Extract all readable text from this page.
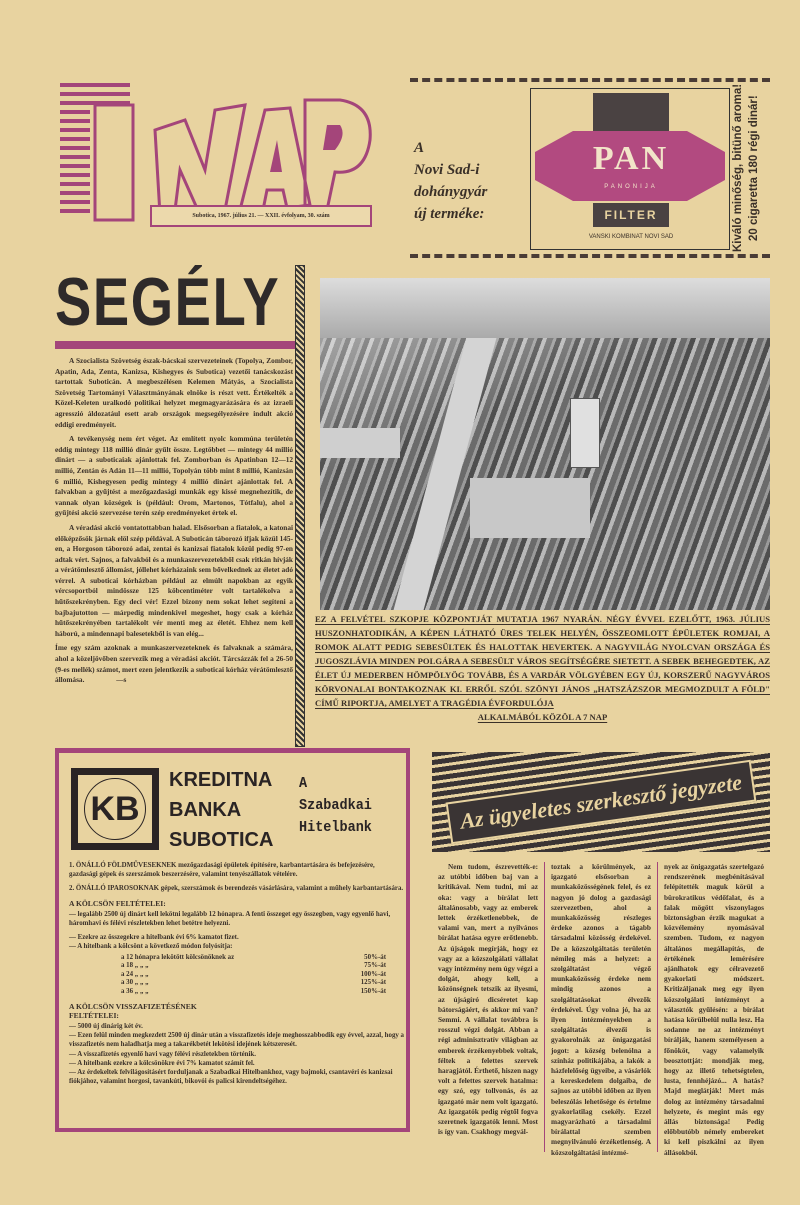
Subotica, 1967. július 21. — XXII. évfolyam, 30. szám
A
Novi Sad-i
dohánygyár
új terméke:
PAN
PANONIJA
FILTER
VANSKI KOMBINAT NOVI SAD	Kiváló minőség, bitünő aroma! 20 cigaretta 180 régi dinár!
SEGÉLY

A Szocialista Szövetség észak-bácskai szervezeteinek (Topolya, Zombor, Apatin, Ada, Zenta, Kanizsa, Kishegyes és Subotica) vezetői tanácskozást tartottak Suboticán. A megbeszélésen Kelemen Mátyás, a Szocialista Szövetség Tartományi Választmányának elnöke is részt vett. Értékelték a Közel-Keleten uralkodó politikai helyzet megmagyarázására és az izraeli agresszió áldozatául esett arab országok megsegélyezésére indult akció eddigi eredményeit.

A tevékenység nem ért véget. Az említett nyolc kommúna területén eddig mintegy 118 millió dinár gyűlt össze. Legtöbbet — mintegy 44 millió dinárt — a suboticaiak ajánlottak fel. Zomborban és Apatinban 12—12 millió, Zentán és Adán 11—11 millió, Topolyán több mint 8 millió, Kanizsán 6 millió, Kishegyesen pedig mintegy 4 millió dinárt ajánlottak fel. A falvakban a gyűjtést a mezőgazdasági munkák egy kissé megnehezítik, de vannak olyan községek is (például: Orom, Martonos, Tótfalu), ahol a gyűjtési akció szervezése terén szép eredményeket értek el.

A véradási akció vontatottabban halad. Elsősorban a fiatalok, a katonai előképzősök járnak elöl szép példával. A Suboticán táborozó ifjak közül 145-en, a Horgoson táborozó adai, zentai és kanizsai fiatalok közül pedig 97-en adtak vért. Sajnos, a falvakból és a munkaszervezetekből csak ritkán hívják a vérátömlesztő állomást, jóllehet kórházaink sem bővelkednek az életet adó vérrel. A suboticai kórházban például az elmúlt napokban az egyik vércsoportból mindössze 125 köbcentiméter volt tartalékolva a hűtőszekrényben. Egy deci vér! Ezzel bizony nem sokat lehet segíteni a bajbajutotton — márpedig mindenkivel megeshet, hogy csak a kórház hűtőszekrényében tartalékolt vér menti meg az életét. Ehhez nem kell háború, a mindennapi balesetekből is van elég...

Íme egy szám azoknak a munkaszervezeteknek és falvaknak a számára, ahol a közeljövőben szervezik meg a véradási akciót. Tárcsázzák fel a 26-50 (9-es mellék) számot, mert ezen jelentkezik a suboticai kórház vérátömlesztő állomása.	—s
EZ A FELVÉTEL SZKOPJE KÖZPONTJÁT MUTATJA 1967 NYARÁN. NÉGY ÉVVEL EZELŐTT, 1963. JÚLIUS HUSZONHATODIKÁN, A KÉPEN LÁTHATÓ ÜRES TELEK HELYÉN, ÖSSZEOMLOTT ÉPÜLETEK ROMJAI, A ROMOK ALATT PEDIG SEBESÜLTEK ÉS HALOTTAK HEVERTEK. A NAGYVILÁG NYOLCVAN ORSZÁGA ÉS JUGOSZLÁVIA MINDEN POLGÁRA A SEBESÜLT VÁROS SEGÍTSÉGÉRE SIETETT. A SEBEK BEHEGEDTEK, AZ ÉLET ÚJ MEDERBEN HÖMPÖLYÖG TOVÁBB, ÉS A VARDÁR VÖLGYÉBEN EGY ÚJ, KORSZERŰ NAGYVÁROS KÖRVONALAI BONTAKOZNAK KI. ERRŐL SZÓL SZÖNYI JÁNOS „HATSZÁZSZOR MEGMOZDULT A FÖLD" CÍMŰ RIPORTJA, AMELYET A TRAGÉDIA ÉVFORDULÓJA
ALKALMÁBÓL KÖZÖL A 7 NAP
KB
KREDITNA
BANKA
SUBOTICA
A
Szabadkai
Hitelbank

1. ÖNÁLLÓ FÖLDMŰVESEKNEK mezőgazdasági épületek építésére, karbantartására és befejezésére, gazdasági gépek és szerszámok beszerzésére, valamint tenyészállatok vételére.

2. ÖNÁLLÓ IPAROSOKNAK gépek, szerszámok és berendezés vásárlására, valamint a műhely karbantartására.

A KÖLCSÖN FELTÉTELEI:

— legalább 2500 új dinárt kell lekötni legalább 12 hónapra. A fenti összeget egy összegben, vagy egyenlő havi, háromhavi és félévi részletekben lehet betétre helyezni.

— Ezekre az összegekre a hitelbank évi 6% kamatot fizet.

— A hitelbank a kölcsönt a következő módon folyósítja:

a 12 hónapra lekötött kölcsönöknek az	50%-át
a 18 „ „ „	75%-át
a 24 „ „ „	100%-át
a 30 „ „ „	125%-át
a 36 „ „ „	150%-át

A KÖLCSÖN VISSZAFIZETÉSÉNEK FELTÉTELEI:

— 5000 új dinárig két év.

— Ezen felül minden megkezdett 2500 új dinár után a visszafizetés ideje meghosszabbodik egy évvel, azzal, hogy a visszafizetés nem haladhatja meg a takarékbetét lekötési idejének kétszeresét.

— A visszafizetés egyenlő havi vagy félévi részletekben történik.

— A hitelbank ezekre a kölcsönökre évi 7% kamatot számít fel.

— Az érdekeltek felvilágosításért forduljanak a Szabadkai Hitelbankhoz, vagy bajmoki, csantavéri és kanizsai fiókjához, valamint horgosi, tavankúti, bikovói és palicsi kirendeltségéhez.

Az ügyeletes szerkesztő jegyzete

Nem tudom, észrevették-e: az utóbbi időben baj van a kritikával. Nem tudni, mi az oka: vagy a bírálat lett általánosabb, vagy az emberek lettek érzéketlenebbek, de valami van, mert a nyilvános bírálat hatása egyre erőtlenebb. Az újságok megírják, hogy ez vagy az a közszolgálati vállalat vagy intézmény nem úgy végzi a dolgát, ahogy kell, a közönségnek tetszik az ilyesmi, az újságíró dicséretet kap bátorságáért, és akkor mi van? Semmi. A vállalat továbbra is rosszul végzi dolgát. Abban a régi adminisztratív világban az emberek érzékenyebbek voltak, féltek a felettes szervek haragjától. Érthető, hiszen nagy volt a felettes szervek hatalma: egy szó, egy tollvonás, és az igazgató már nem volt igazgató. Az igazgatók pedig régtől fogva szeretnek igazgatók lenni. Most is így van. Csakhogy megvál-

toztak a körülmények, az igazgató elsősorban a munkaközösségének felel, és ez nagyon jó dolog a gazdasági szervezetben, ahol a munkaközösség részleges érdeke azonos a tágabb társadalmi közösség érdekével. De a közszolgáltatás területén némileg más a helyzet: a szolgáltatást végző munkaközösség érdeke nem mindig azonos a szolgáltatásokat élvezők érdekével. Úgy volna jó, ha az ilyen intézményekben a szolgáltatás élvezői is gyakorolnák az önigazgatási jogot: a község belenólna a színház politikájába, a lakók a házfelelőség ügyeibe, a vásárlók a kereskedelem dolgaiba, de sajnos az utóbbi időben az ilyen beleszólás lehetősége és értelme gyakorlatilag csekély. Ezzel magyarázható a társadalmi bírálattal szemben megnyilvánuló érzéketlenség. A közszolgáltatási intézmé-

nyek az önigazgatás szertelgazó rendszerének megbénításával felépítették maguk körül a bürokratikus védőfalat, és a falak mögött viszonylagos biztonságban érzik magukat a közvélemény nyomásával szemben. Tudom, ez nagyon általános megállapítás, de értékének lemérésére ajánlhatok egy célravezető gyakorlati módszert. Kritizáljanak meg egy ilyen közszolgálati intézményt a választók gyűlésén: a bírálat hatása körülbelül nulla lesz. Ha sodanne ne az intézményt bírálják, hanem személyesen a főnököt, vagy valamelyik beosztottját: mondják meg, hogy az illető tehetségtelen, lusta, fennhéjázó... A hatás? Majd meglátják! Mert más dolog az intézmény társadalmi helyzete, és megint más egy állás biztonsága! Pedig előbbutóbb némely embereket ki kell piszkálni az ilyen állásokból.
